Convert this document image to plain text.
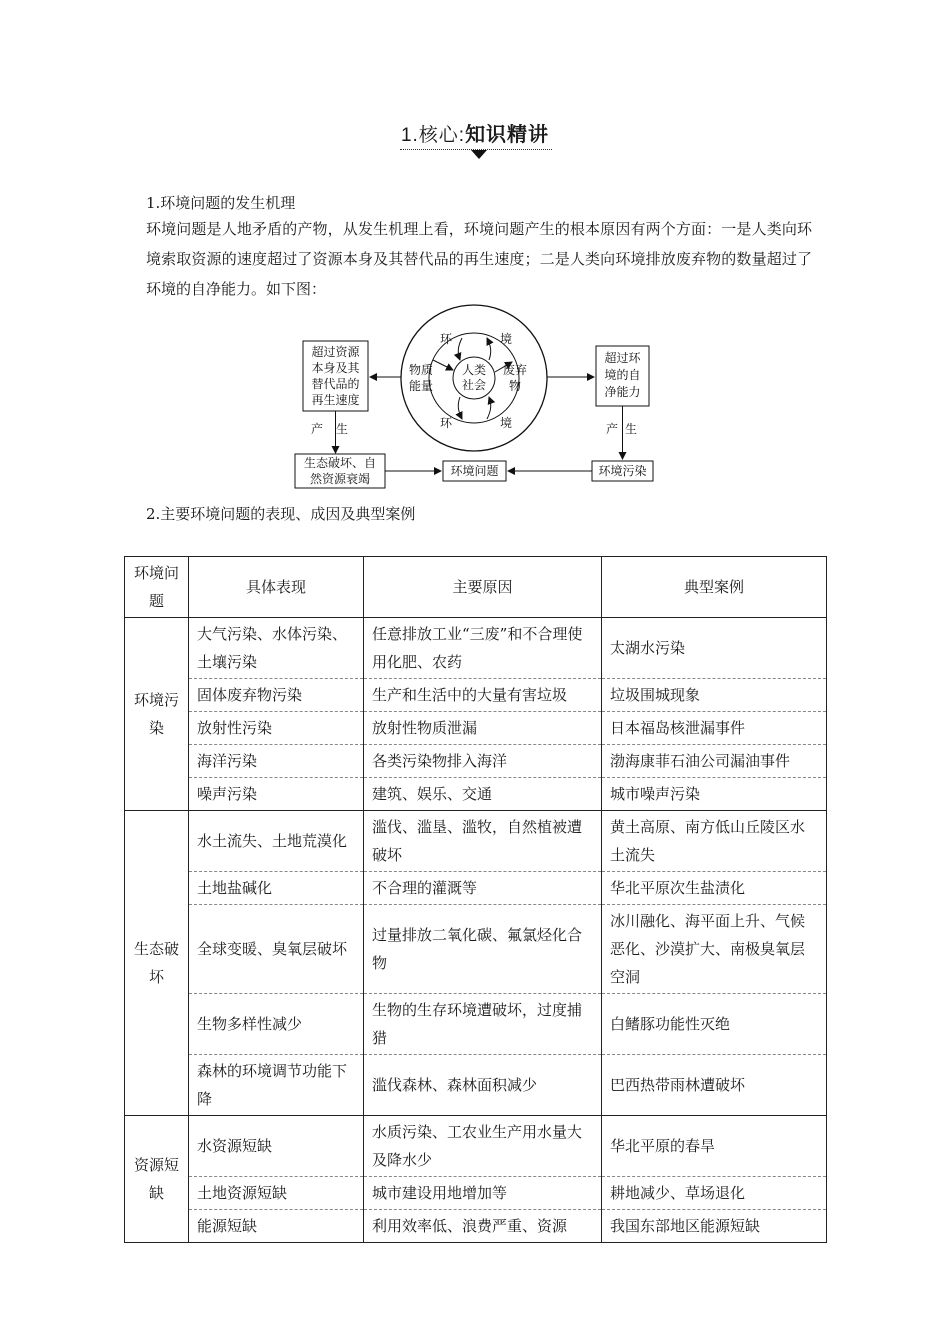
1.核心:知识精讲
1.环境问题的发生机理
环境问题是人地矛盾的产物，从发生机理上看，环境问题产生的根本原因有两个方面：一是人类向环境索取资源的速度超过了资源本身及其替代品的再生速度；二是人类向环境排放废弃物的数量超过了环境的自净能力。如下图：
超过资源
本身及其
替代品的
再生速度
超过环
境的自
净能力
环	境
环	境
物质
能量
废弃
物
人类
社会
产 生	产 生
生态破坏、自
然资源衰竭
环境问题	环境污染
2.主要环境问题的表现、成因及典型案例
环境问题	具体表现	主要原因	典型案例
环境污染	大气污染、水体污染、土壤污染	任意排放工业“三废”和不合理使用化肥、农药	太湖水污染
	固体废弃物污染	生产和生活中的大量有害垃圾	垃圾围城现象
	放射性污染	放射性物质泄漏	日本福岛核泄漏事件
	海洋污染	各类污染物排入海洋	渤海康菲石油公司漏油事件
	噪声污染	建筑、娱乐、交通	城市噪声污染
生态破坏	水土流失、土地荒漠化	滥伐、滥垦、滥牧，自然植被遭破坏	黄土高原、南方低山丘陵区水土流失
	土地盐碱化	不合理的灌溉等	华北平原次生盐渍化
	全球变暖、臭氧层破坏	过量排放二氧化碳、氟氯烃化合物	冰川融化、海平面上升、气候恶化、沙漠扩大、南极臭氧层空洞
	生物多样性减少	生物的生存环境遭破坏，过度捕猎	白鳍豚功能性灭绝
	森林的环境调节功能下降	滥伐森林、森林面积减少	巴西热带雨林遭破坏
资源短缺	水资源短缺	水质污染、工农业生产用水量大及降水少	华北平原的春旱
	土地资源短缺	城市建设用地增加等	耕地减少、草场退化
	能源短缺	利用效率低、浪费严重、资源	我国东部地区能源短缺
